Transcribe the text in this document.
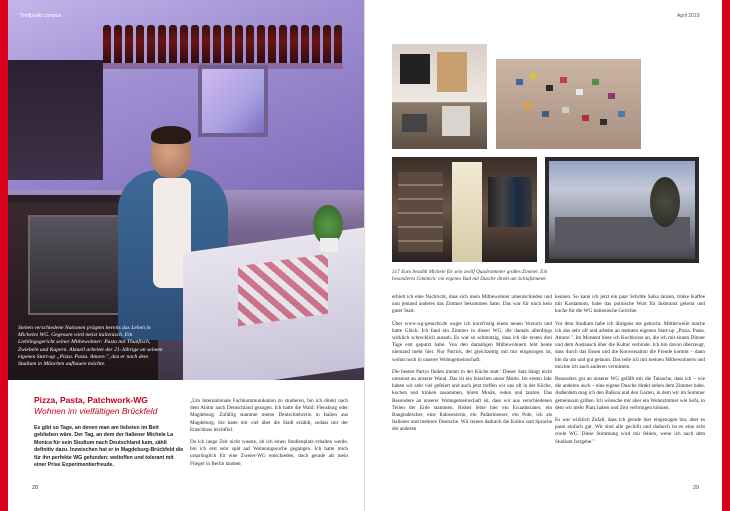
Sieben verschiedene Nationen prägten bereits das Leben in Micheles WG. Gegessen wird meist italienisch. Ein Lieblingsgericht seiner Mitbewohner: Pasta mit Thunfisch, Zwiebeln und Kapern. Aktuell arbeitet der 21-Jährige an seinem eigenen Start-up „Pizza. Pasta. Amore.", das er nach dem Studium in München aufbauen möchte.
Treffpunkt campus
Pizza, Pasta, Patchwork-WG
Wohnen im vielfältigen Brückfeld
Es gibt so Tage, an denen man am liebsten im Bett geblieben wäre. Der Tag, an dem der Italiener Michele La Monica für sein Studium nach Deutschland kam, zählt definitiv dazu. Inzwischen hat er in Magdeburg-Brückfeld die für ihn perfekte WG gefunden: weltoffen und tolerant mit einer Prise Experimentierfreude.

„Um Internationale Fachkommunikation zu studieren, bin ich direkt nach dem Abitur nach Deutschland gezogen. Ich hatte die Wahl: Flensburg oder Magdeburg. Zufällig stammte meine Deutschlehrerin in Italien aus Magdeburg. Sie hatte mir viel über die Stadt erzählt, sodass mir der Entschluss leichtfiel.

Da ich lange Zeit nicht wusste, ob ich einen Studienplatz erhalten werde, bin ich erst sehr spät auf Wohnungssuche gegangen. Ich hatte mich ursprünglich für eine Zweier-WG entschieden, doch gerade als mein Flieger in Berlin landete,

28
April 2019
317 Euro bezahlt Michele für sein zwölf Quadratmeter großes Zimmer. Ein besonderes Gimmick: ein eigenes Bad mit Dusche direkt am Schlafzimmer.

erhielt ich eine Nachricht, dass sich mein Mitbewohner umentschieden und nun jemand anderes das Zimmer bekommen hatte. Das war für mich kein guter Start.

Über www.wg-gesucht.de wagte ich kurzfristig einen neuen Versuch und hatte Glück: Ich fand ein Zimmer in dieser WG, die damals allerdings wirklich schrecklich aussah. Es war so schmutzig, dass ich die ersten drei Tage erst geputzt habe. Von den damaligen Mitbewohnern lebt heute niemand mehr hier. Nur Patrick, der gleichzeitig mit mir eingezogen ist, wohnt noch in unserer Wohngemeinschaft.

Die besten Partys finden immer in der Küche statt.' Dieser Satz hängt nicht umsonst an unserer Wand. Das ist ein bisschen unser Motto. Im ersten Jahr haben wir sehr viel gefeiert und auch jetzt treffen wir uns oft in der Küche, kochen und trinken zusammen, hören Musik, reden und tanzen. Das Besondere an unserer Wohngemeinschaft ist, dass wir aus verschiedenen Teilen der Erde stammen. Bisher lebte hier ein Ecuadorianer, ein Bangladescher, eine Indonesierin, ein Palästinenser, ein Pole, ich als Italiener und mehrere Deutsche. Wir lernen dadurch die Kultur und Sprache der anderen

kennen. So kann ich jetzt ein paar Schritte Salsa tanzen, trinke Kaffee mit Kardamom, habe das polnische Wort für Insbrunst gelernt und koche für die WG italienische Gerichte.

Vor dem Studium habe ich übrigens nie gekocht. Mittlerweile mache ich das sehr oft und arbeite an meinem eigenen Start-up „Pizza. Pasta. Amore.". Im Moment biete ich Kochkurse an, die ich mit einem Dinner und dem Austausch über die Kultur verbinde. Ich bin davon überzeugt, dass durch das Essen und die Konversation die Freude kommt – dann bin da um und gut gelaunt. Das teile ich mit meinen Mitbewohnern und möchte ich auch anderen vermitteln.

Besonders gut an unserer WG gefällt mir die Tatsache, dass ich – wie die anderen auch – eine eigene Dusche direkt neben dem Zimmer habe. Außerdem mag ich den Balkon und den Garten, in dem wir im Sommer gemeinsam grillen. Ich wünsche mir aber ein Wohnzimmer wie Sofa, in dem wir mehr Platz haben und Zeit verbringen können.

Es war wirklich Zufall, dass ich gerade hier eingezogen bin, aber es passt einfach gut. Wir sind alle gechillt und dadurch ist es eine echt coole WG. Diese Stimmung wird mir fehlen, wenn ich nach dem Studium fortgehe."

29
